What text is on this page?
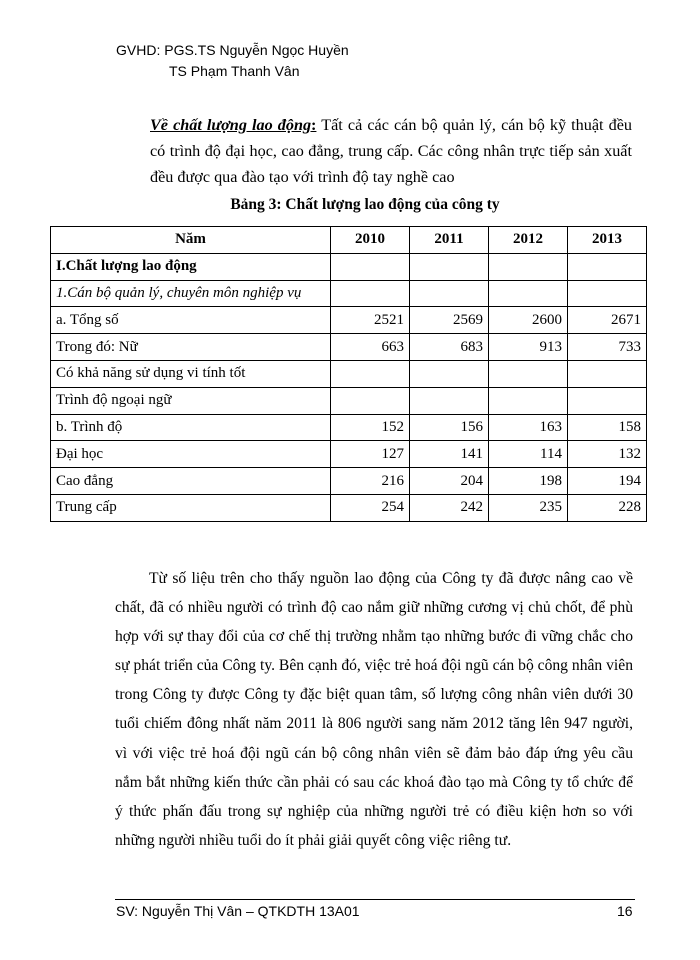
GVHD: PGS.TS Nguyễn Ngọc Huyền
TS Phạm Thanh Vân
Về chất lượng lao động: Tất cả các cán bộ quản lý, cán bộ kỹ thuật đều có trình độ đại học, cao đẳng, trung cấp. Các công nhân trực tiếp sản xuất đều được qua đào tạo với trình độ tay nghề cao
Bảng 3: Chất lượng lao động của công ty
Năm	2010	2011	2012	2013
I.Chất lượng lao động				
1.Cán bộ quản lý, chuyên môn nghiệp vụ				
a. Tổng số	2521	2569	2600	2671
Trong đó: Nữ	663	683	913	733
Có khả năng sử dụng vi tính tốt				
Trình độ ngoại ngữ				
b. Trình độ	152	156	163	158
Đại học	127	141	114	132
Cao đẳng	216	204	198	194
Trung cấp	254	242	235	228

Từ số liệu trên cho thấy nguồn lao động của Công ty đã được nâng cao về chất, đã có nhiều người có trình độ cao nắm giữ những cương vị chủ chốt, để phù hợp với sự thay đổi của cơ chế thị trường nhằm tạo những bước đi vững chắc cho sự phát triển của Công ty. Bên cạnh đó, việc trẻ hoá đội ngũ cán bộ công nhân viên trong Công ty được Công ty đặc biệt quan tâm, số lượng công nhân viên dưới 30 tuổi chiếm đông nhất năm 2011 là 806 người sang năm 2012 tăng lên 947 người, vì với việc trẻ hoá đội ngũ cán bộ công nhân viên sẽ đảm bảo đáp ứng yêu cầu nắm bắt những kiến thức cần phải có sau các khoá đào tạo mà Công ty tổ chức để ý thức phấn đấu trong sự nghiệp của những người trẻ có điều kiện hơn so với những người nhiều tuổi do ít phải giải quyết công việc riêng tư.

SV: Nguyễn Thị Vân – QTKDTH 13A01	16
